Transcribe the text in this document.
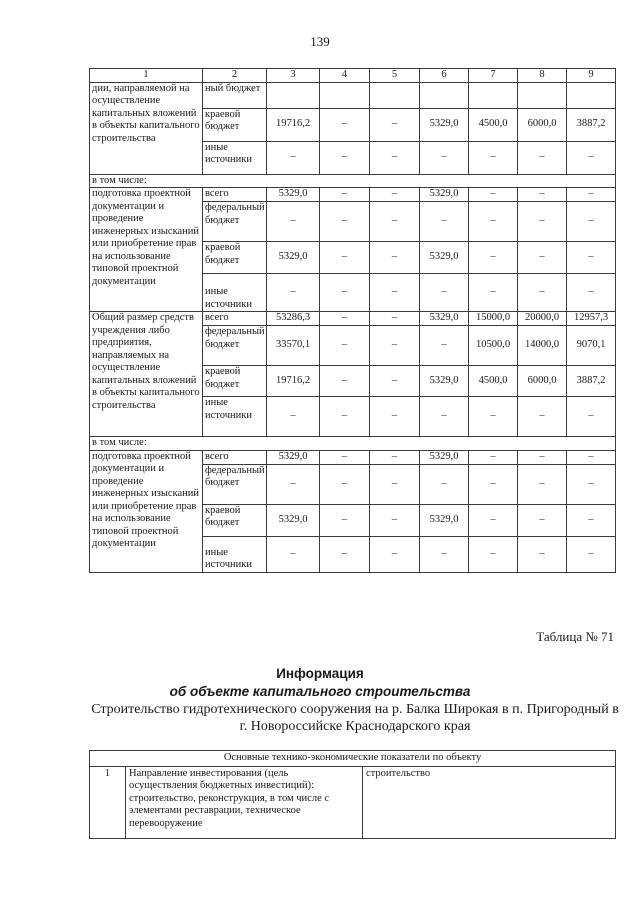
139
1	2	3	4	5	6	7	8	9
дии, направляемой на осуществление капитальных вложений в объекты капитального строительства	ный бюджет							
	краевой бюджет	19716,2	–	–	5329,0	4500,0	6000,0	3887,2
	иные источники	–	–	–	–	–	–	–
в том числе:								
подготовка проектной документации и проведение инженерных изысканий или приобретение прав на использование типовой проектной документации	всего	5329,0	–	–	5329,0	–	–	–
	федеральный бюджет	–	–	–	–	–	–	–
	краевой бюджет	5329,0	–	–	5329,0	–	–	–
	иные источники	–	–	–	–	–	–	–
Общий размер средств учреждения либо предприятия, направляемых на осуществление капитальных вложений в объекты капитального строительства	всего	53286,3	–	–	5329,0	15000,0	20000,0	12957,3
	федеральный бюджет	33570,1	–	–	–	10500,0	14000,0	9070,1
	краевой бюджет	19716,2	–	–	5329,0	4500,0	6000,0	3887,2
	иные источники	–	–	–	–	–	–	–
в том числе:								
подготовка проектной документации и проведение инженерных изысканий или приобретение прав на использование типовой проектной документации	всего	5329,0	–	–	5329,0	–	–	–
	федеральный бюджет	–	–	–	–	–	–	–
	краевой бюджет	5329,0	–	–	5329,0	–	–	–
	иные источники	–	–	–	–	–	–	–
Таблица № 71
Информация
об объекте капитального строительства
Строительство гидротехнического сооружения на р. Балка Широкая в п. Пригородный в г. Новороссийске Краснодарского края
Основные технико-экономические показатели по объекту
1	Направление инвестирования (цель осуществления бюджетных инвестиций): строительство, реконструкция, в том числе с элементами реставрации, техническое перевооружение	строительство
